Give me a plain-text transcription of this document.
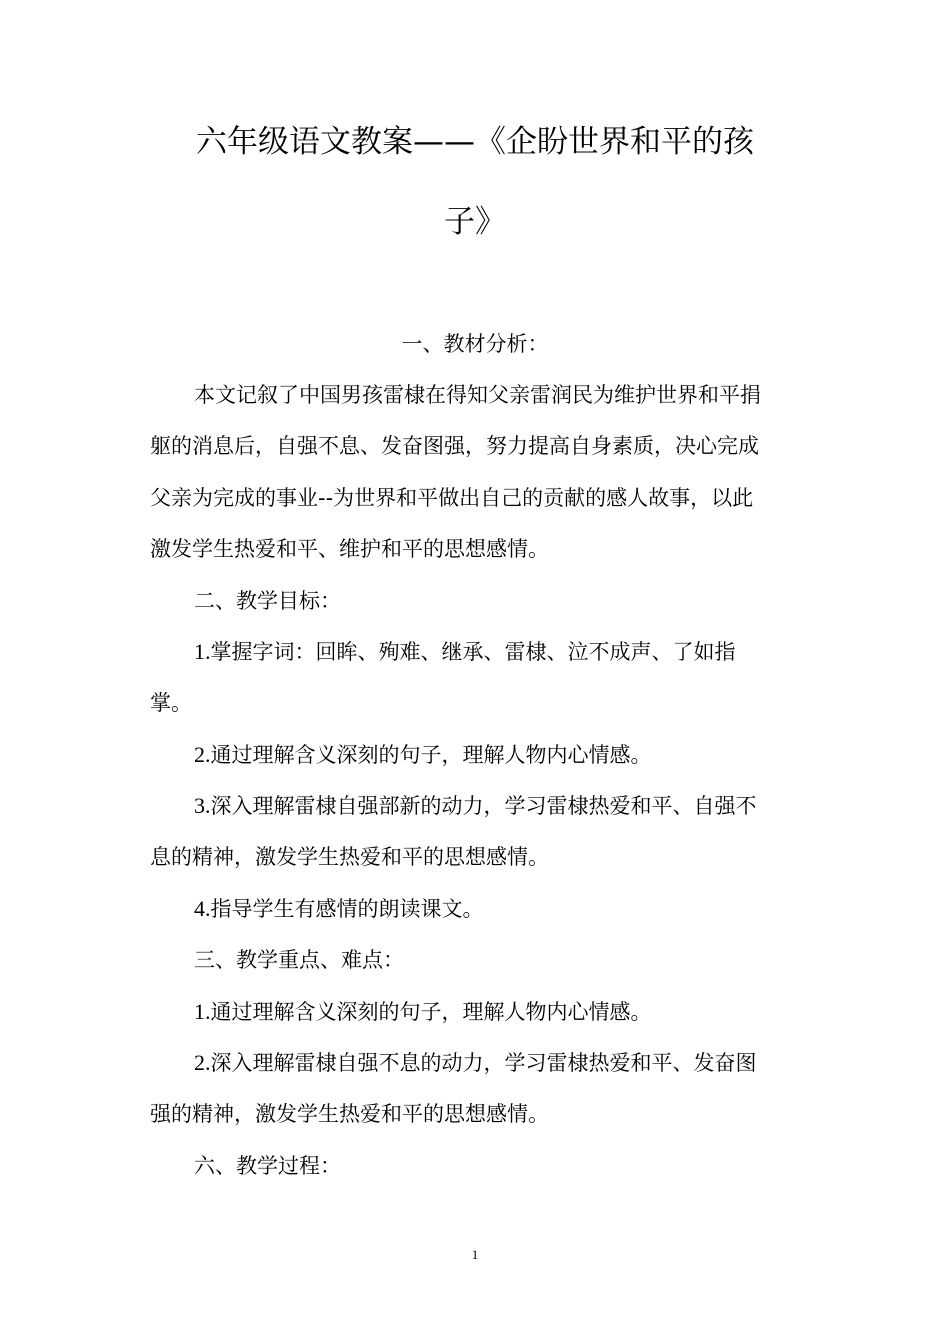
六年级语文教案——《企盼世界和平的孩
子》

一、教材分析：

本文记叙了中国男孩雷棣在得知父亲雷润民为维护世界和平捐

躯的消息后，自强不息、发奋图强，努力提高自身素质，决心完成

父亲为完成的事业--为世界和平做出自己的贡献的感人故事，以此

激发学生热爱和平、维护和平的思想感情。

二、教学目标：

1.掌握字词：回眸、殉难、继承、雷棣、泣不成声、了如指

掌。

2.通过理解含义深刻的句子，理解人物内心情感。

3.深入理解雷棣自强部新的动力，学习雷棣热爱和平、自强不

息的精神，激发学生热爱和平的思想感情。

4.指导学生有感情的朗读课文。

三、教学重点、难点：

1.通过理解含义深刻的句子，理解人物内心情感。

2.深入理解雷棣自强不息的动力，学习雷棣热爱和平、发奋图

强的精神，激发学生热爱和平的思想感情。

六、教学过程：

1
